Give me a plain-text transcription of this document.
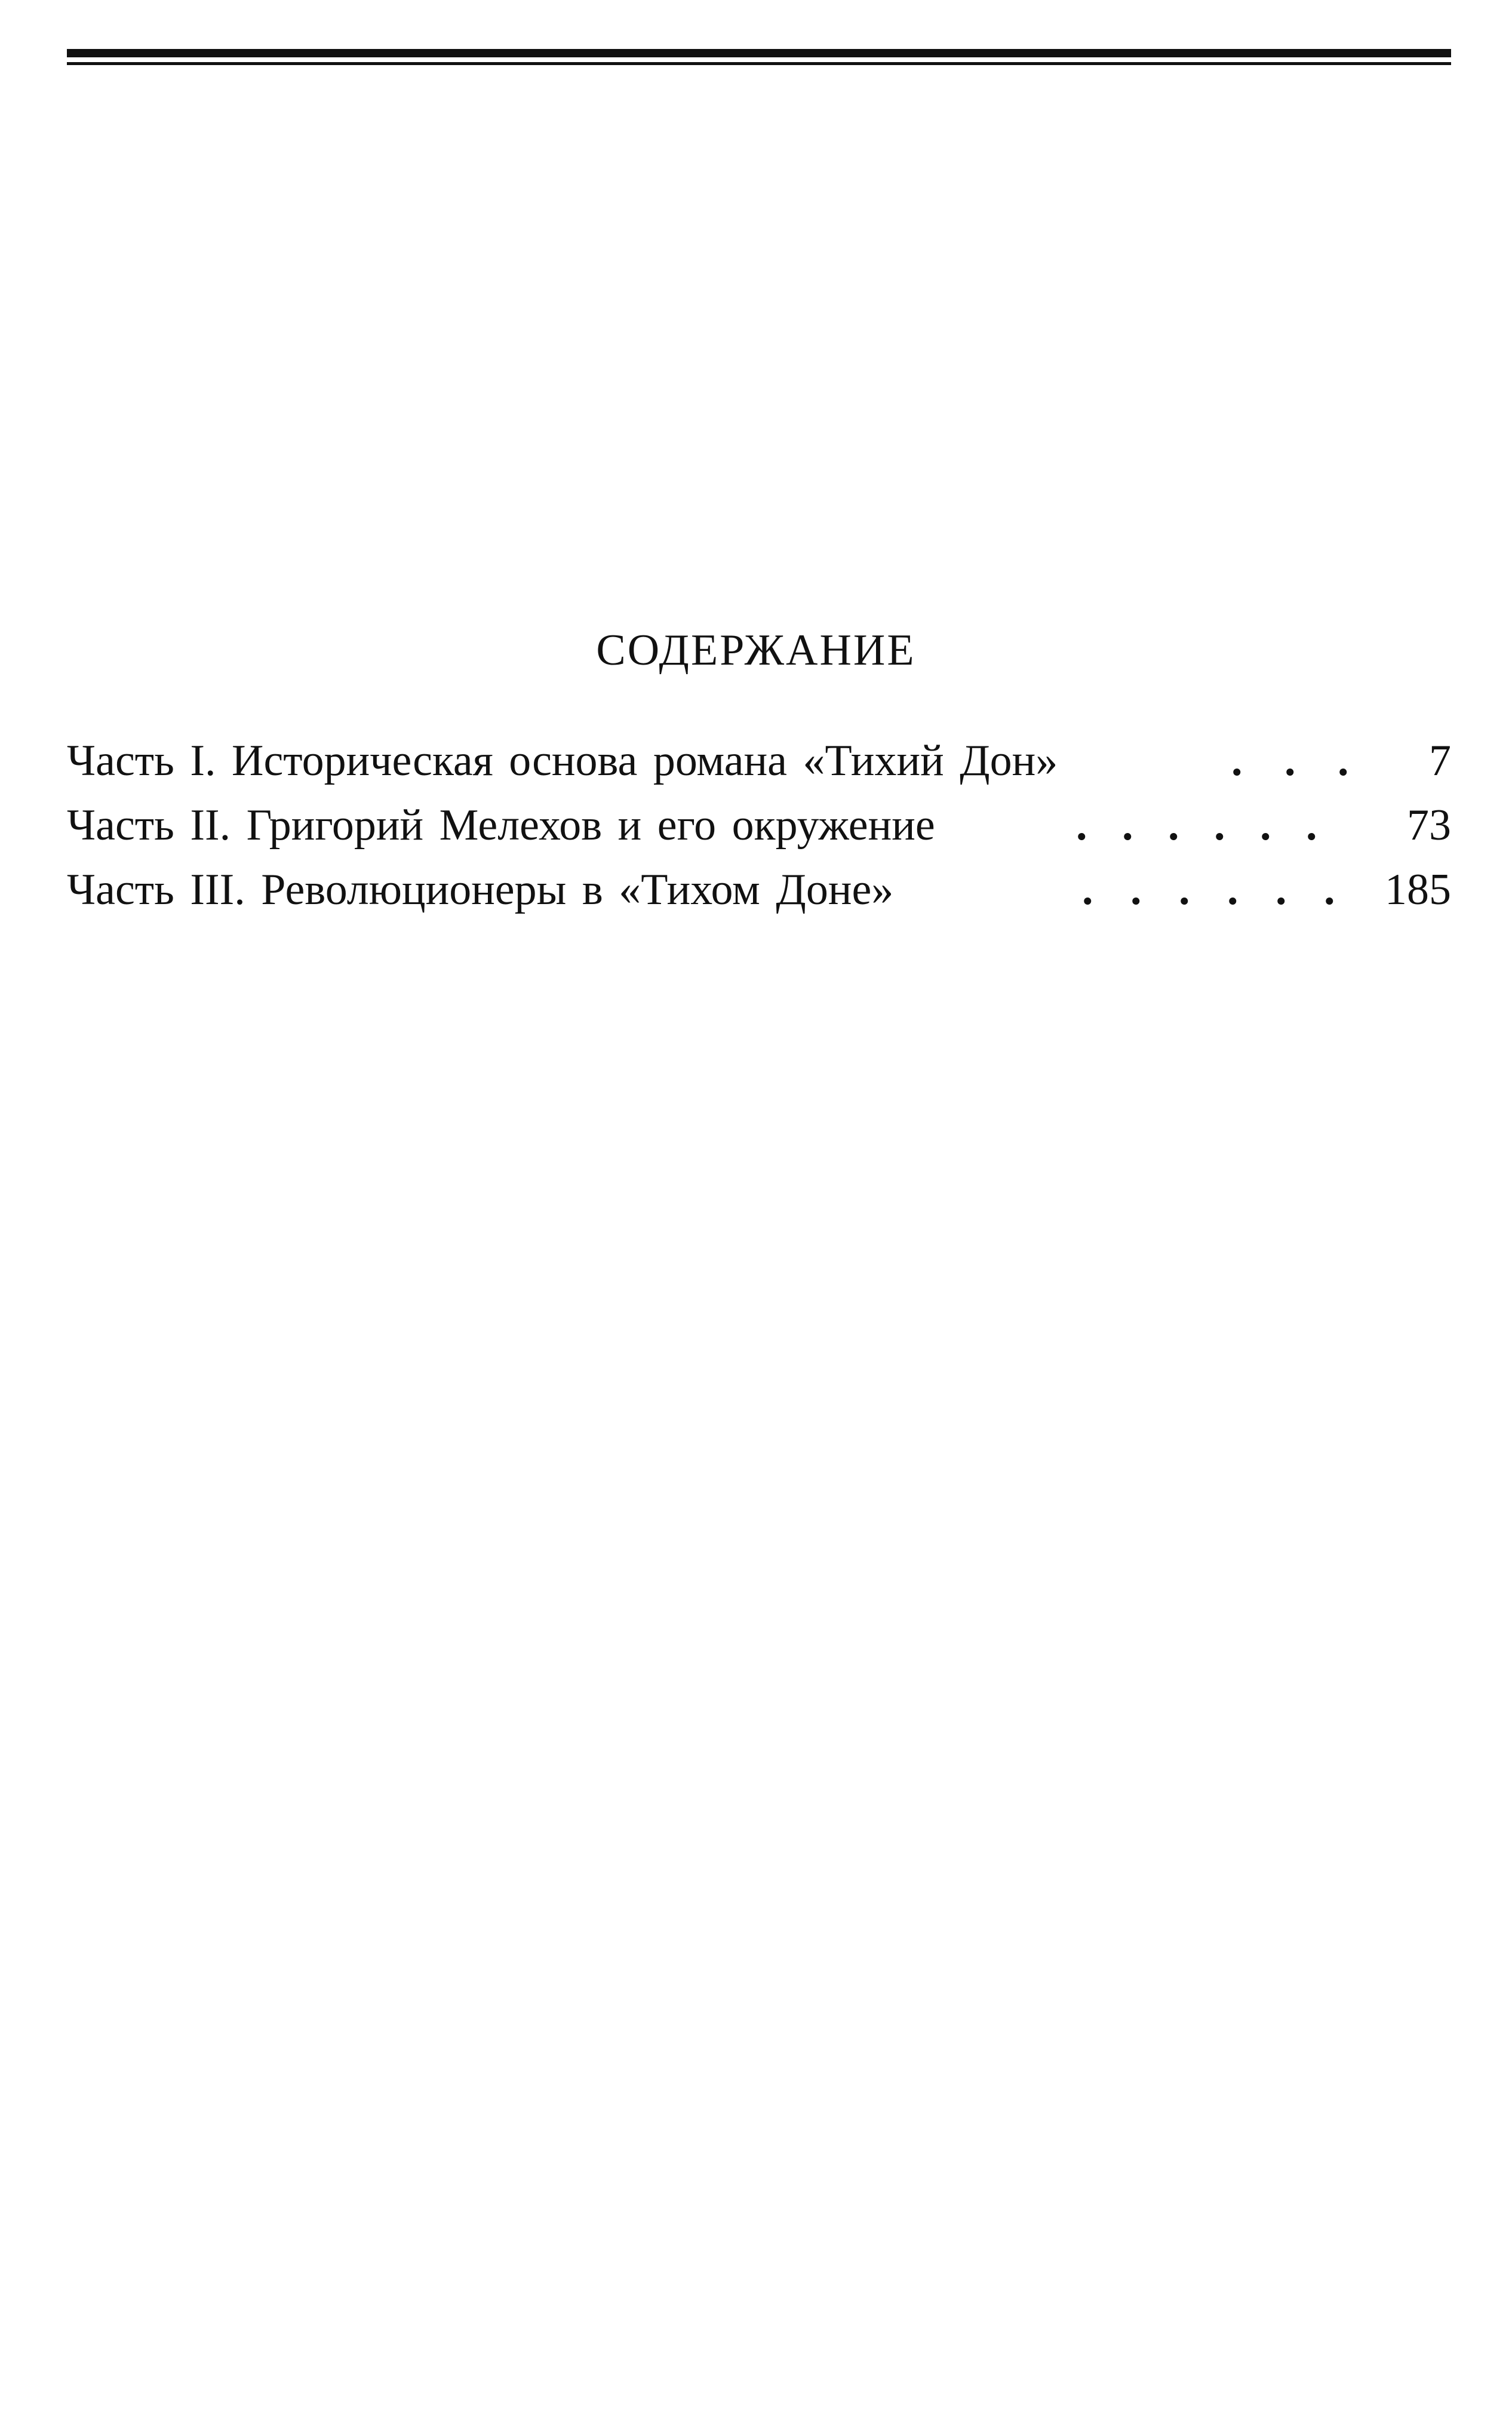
СОДЕРЖАНИЕ
Часть I. Историческая основа романа «Тихий Дон»	. . . 7
Часть II. Григорий Мелехов и его окружение	. . . . . . 73
Часть III. Революционеры в «Тихом Доне»	. . . . . . 185
